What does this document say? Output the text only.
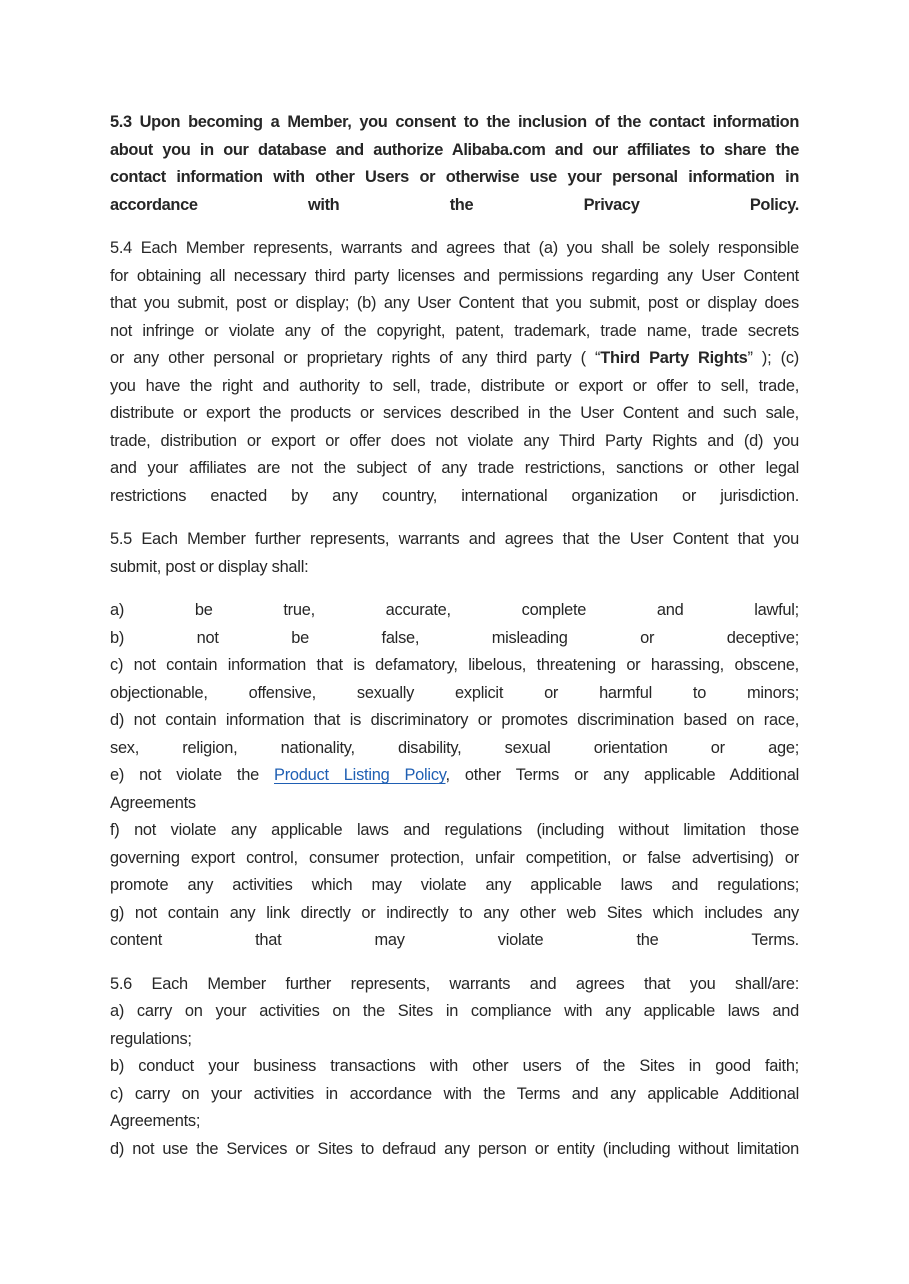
5.3 Upon becoming a Member, you consent to the inclusion of the contact information
about you in our database and authorize Alibaba.com and our affiliates to share the
contact information with other Users or otherwise use your personal information in
accordance with the Privacy Policy.
5.4 Each Member represents, warrants and agrees that (a) you shall be solely responsible
for obtaining all necessary third party licenses and permissions regarding any User Content
that you submit, post or display; (b) any User Content that you submit, post or display does
not infringe or violate any of the copyright, patent, trademark, trade name, trade secrets
or any other personal or proprietary rights of any third party ( “Third Party Rights” ); (c)
you have the right and authority to sell, trade, distribute or export or offer to sell, trade,
distribute or export the products or services described in the User Content and such sale,
trade, distribution or export or offer does not violate any Third Party Rights and (d) you
and your affiliates are not the subject of any trade restrictions, sanctions or other legal
restrictions enacted by any country, international organization or jurisdiction.
5.5 Each Member further represents, warrants and agrees that the User Content that you
submit, post or display shall:
a) be true, accurate, complete and lawful;
b) not be false, misleading or deceptive;
c) not contain information that is defamatory, libelous, threatening or harassing, obscene,
objectionable, offensive, sexually explicit or harmful to minors;
d) not contain information that is discriminatory or promotes discrimination based on race,
sex, religion, nationality, disability, sexual orientation or age;
e) not violate the Product Listing Policy, other Terms or any applicable Additional
Agreements
f) not violate any applicable laws and regulations (including without limitation those
governing export control, consumer protection, unfair competition, or false advertising) or
promote any activities which may violate any applicable laws and regulations;
g) not contain any link directly or indirectly to any other web Sites which includes any
content that may violate the Terms.
5.6 Each Member further represents, warrants and agrees that you shall/are:
a) carry on your activities on the Sites in compliance with any applicable laws and
regulations;
b) conduct your business transactions with other users of the Sites in good faith;
c) carry on your activities in accordance with the Terms and any applicable Additional
Agreements;
d) not use the Services or Sites to defraud any person or entity (including without limitation
